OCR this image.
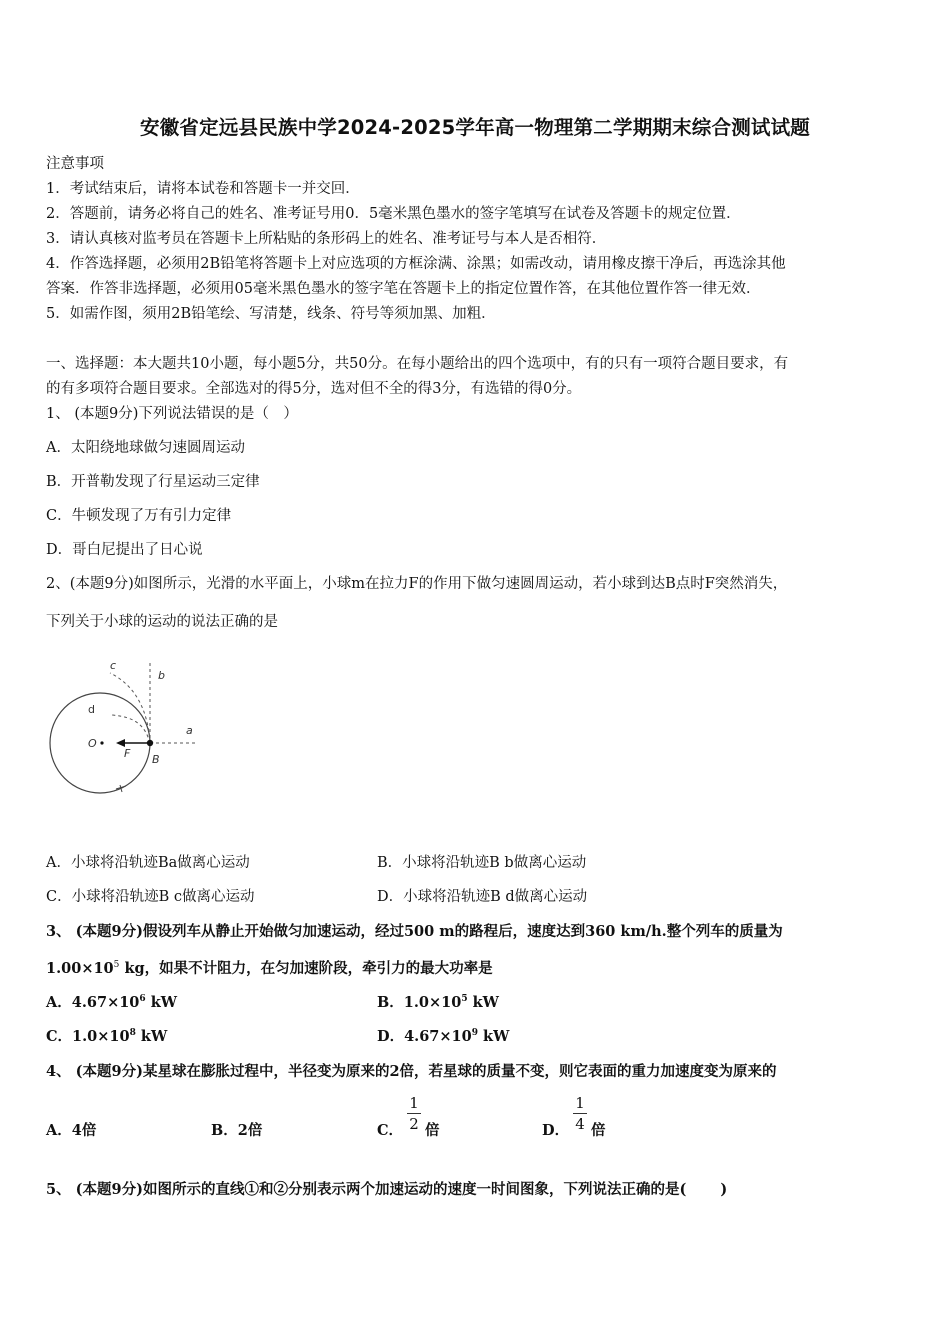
安徽省定远县民族中学2024-2025学年高一物理第二学期期末综合测试试题
注意事项
1．考试结束后，请将本试卷和答题卡一并交回．
2．答题前，请务必将自己的姓名、准考证号用0．5毫米黑色墨水的签字笔填写在试卷及答题卡的规定位置．
3．请认真核对监考员在答题卡上所粘贴的条形码上的姓名、准考证号与本人是否相符．
4．作答选择题，必须用2B铅笔将答题卡上对应选项的方框涂满、涂黑；如需改动，请用橡皮擦干净后，再选涂其他
答案．作答非选择题，必须用05毫米黑色墨水的签字笔在答题卡上的指定位置作答，在其他位置作答一律无效．
5．如需作图，须用2B铅笔绘、写清楚，线条、符号等须加黑、加粗．
一、选择题：本大题共10小题，每小题5分，共50分。在每小题给出的四个选项中，有的只有一项符合题目要求，有
的有多项符合题目要求。全部选对的得5分，选对但不全的得3分，有选错的得0分。
1、 (本题9分)下列说法错误的是（　）
A．太阳绕地球做匀速圆周运动
B．开普勒发现了行星运动三定律
C．牛顿发现了万有引力定律
D．哥白尼提出了日心说
2、(本题9分)如图所示，光滑的水平面上，小球m在拉力F的作用下做匀速圆周运动，若小球到达B点时F突然消失，
下列关于小球的运动的说法正确的是
c
b
d
a
O
F B
A．小球将沿轨迹Ba做离心运动	B．小球将沿轨迹B b做离心运动
C．小球将沿轨迹B c做离心运动	D．小球将沿轨迹B d做离心运动
3、 (本题9分)假设列车从静止开始做匀加速运动，经过500 m的路程后，速度达到360 km/h.整个列车的质量为
$1.00\times 10^5$ kg，如果不计阻力，在匀加速阶段，牵引力的最大功率是
A．$4.67\times 10^6$ kW	B．$1.0\times 10^5$ kW
C．$1.0\times 10^8$ kW	D．$4.67\times 10^9$ kW
4、 (本题9分)某星球在膨胀过程中，半径变为原来的2倍，若星球的质量不变，则它表面的重力加速度变为原来的
A．4倍	B．2倍	C．
1
2 倍	D．
1
4 倍
5、 (本题9分)如图所示的直线①和②分别表示两个加速运动的速度一时间图象，下列说法正确的是(　　 )
